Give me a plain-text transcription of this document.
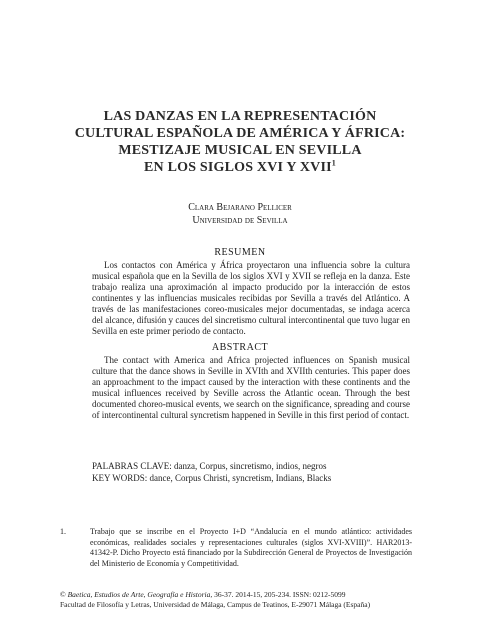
LAS DANZAS EN LA REPRESENTACIÓN
CULTURAL ESPAÑOLA DE AMÉRICA Y ÁFRICA:
MESTIZAJE MUSICAL EN SEVILLA
EN LOS SIGLOS XVI Y XVII$^1$
Clara Bejarano Pellicer
Universidad de Sevilla
RESUMEN
Los contactos con América y África proyectaron una influencia sobre la cultura musical española que en la Sevilla de los siglos XVI y XVII se refleja en la danza. Este trabajo realiza una aproximación al impacto producido por la interacción de estos continentes y las influencias musicales recibidas por Sevilla a través del Atlántico. A través de las manifestaciones coreo-musicales mejor documentadas, se indaga acerca del alcance, difusión y cauces del sincretismo cultural intercontinental que tuvo lugar en Sevilla en este primer periodo de contacto.
ABSTRACT
The contact with America and Africa projected influences on Spanish musical culture that the dance shows in Seville in XVIth and XVIIth centuries. This paper does an approachment to the impact caused by the interaction with these continents and the musical influences received by Seville across the Atlantic ocean. Through the best documented choreo-musical events, we search on the significance, spreading and course of intercontinental cultural syncretism happened in Seville in this first period of contact.
PALABRAS CLAVE: danza, Corpus, sincretismo, indios, negros
KEY WORDS: dance, Corpus Christi, syncretism, Indians, Blacks
1.	Trabajo que se inscribe en el Proyecto I+D “Andalucía en el mundo atlántico: actividades económicas, realidades sociales y representaciones culturales (siglos XVI-XVIII)”. HAR2013-41342-P. Dicho Proyecto está financiado por la Subdirección General de Proyectos de Investigación del Ministerio de Economía y Competitividad.
© Baetica, Estudios de Arte, Geografía e Historia, 36-37. 2014-15, 205-234. ISSN: 0212-5099
Facultad de Filosofía y Letras, Universidad de Málaga, Campus de Teatinos, E-29071 Málaga (España)
